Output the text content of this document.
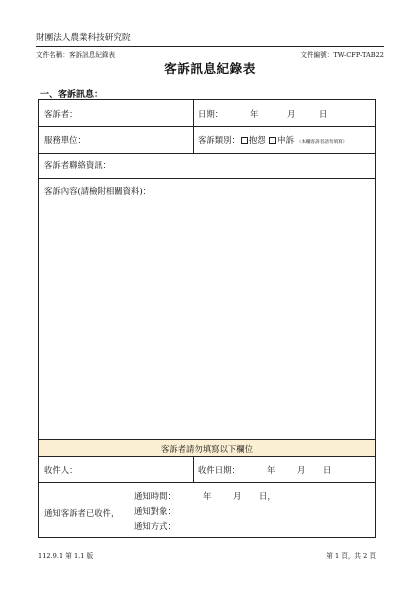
財團法人農業科技研究院
文件名稱：客訴訊息紀錄表	文件編號：TW-CFP-TAB22
客訴訊息紀錄表
一、客訴訊息：
客訴者：	日期：	年	月	日
服務單位：	客訴類別： 抱怨 申訴 （本欄客訴者請勿填寫）
客訴者聯絡資訊：
客訴內容(請檢附相關資料)：
客訴者請勿填寫以下欄位
收件人：	收件日期：	年	月 日
通知客訴者已收件，
通知時間：	年	月 日，
通知對象：
通知方式：
112.9.1 第 1.1 版	第 1 頁，共 2 頁
